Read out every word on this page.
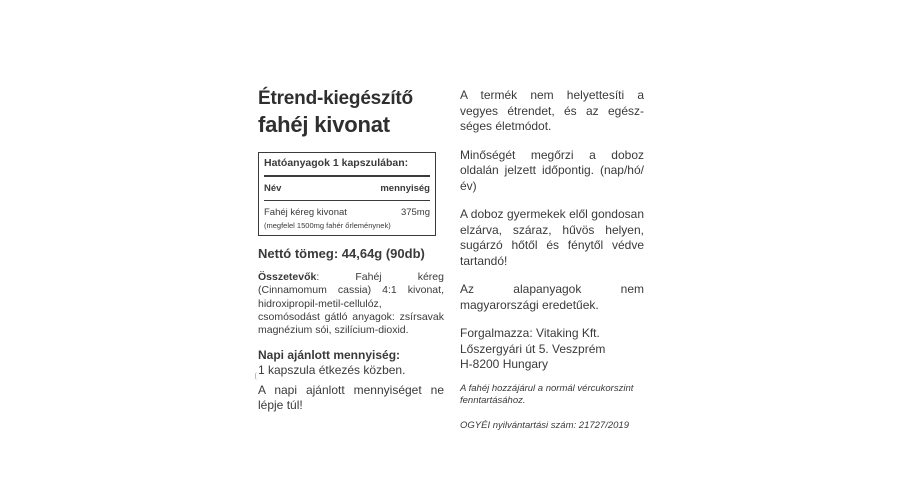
Étrend-kiegészítő
fahéj kivonat
Hatóanyagok 1 kapszulában:
Név	mennyiség
Fahéj kéreg kivonat	375mg
(megfelel 1500mg fahér őrleménynek)
Nettó tömeg: 44,64g (90db)
Összetevők: Fahéj kéreg (Cinnamomum cassia) 4:1 kivonat, hidroxipropil-metil-cellulóz, csomósodást gátló anyagok: zsírsavak magnézium sói, szilícium-dioxid.
Napi ajánlott mennyiség:
1 kapszula étkezés közben.
A napi ajánlott mennyiséget ne lépje túl!

A termék nem helyettesíti a vegyes étrendet, és az egészséges életmódot.

Minőségét megőrzi a doboz oldalán jelzett időpontig. (nap/hó/év)

A doboz gyermekek elől gondosan elzárva, száraz, hűvös helyen, sugárzó hőtől és fénytől védve tartandó!

Az alapanyagok nem magyarországi eredetűek.

Forgalmazza: Vitaking Kft.
Lőszergyári út 5. Veszprém
H-8200 Hungary

A fahéj hozzájárul a normál vércukorszint fenntartásához.

OGYÉI nyilvántartási szám: 21727/2019
